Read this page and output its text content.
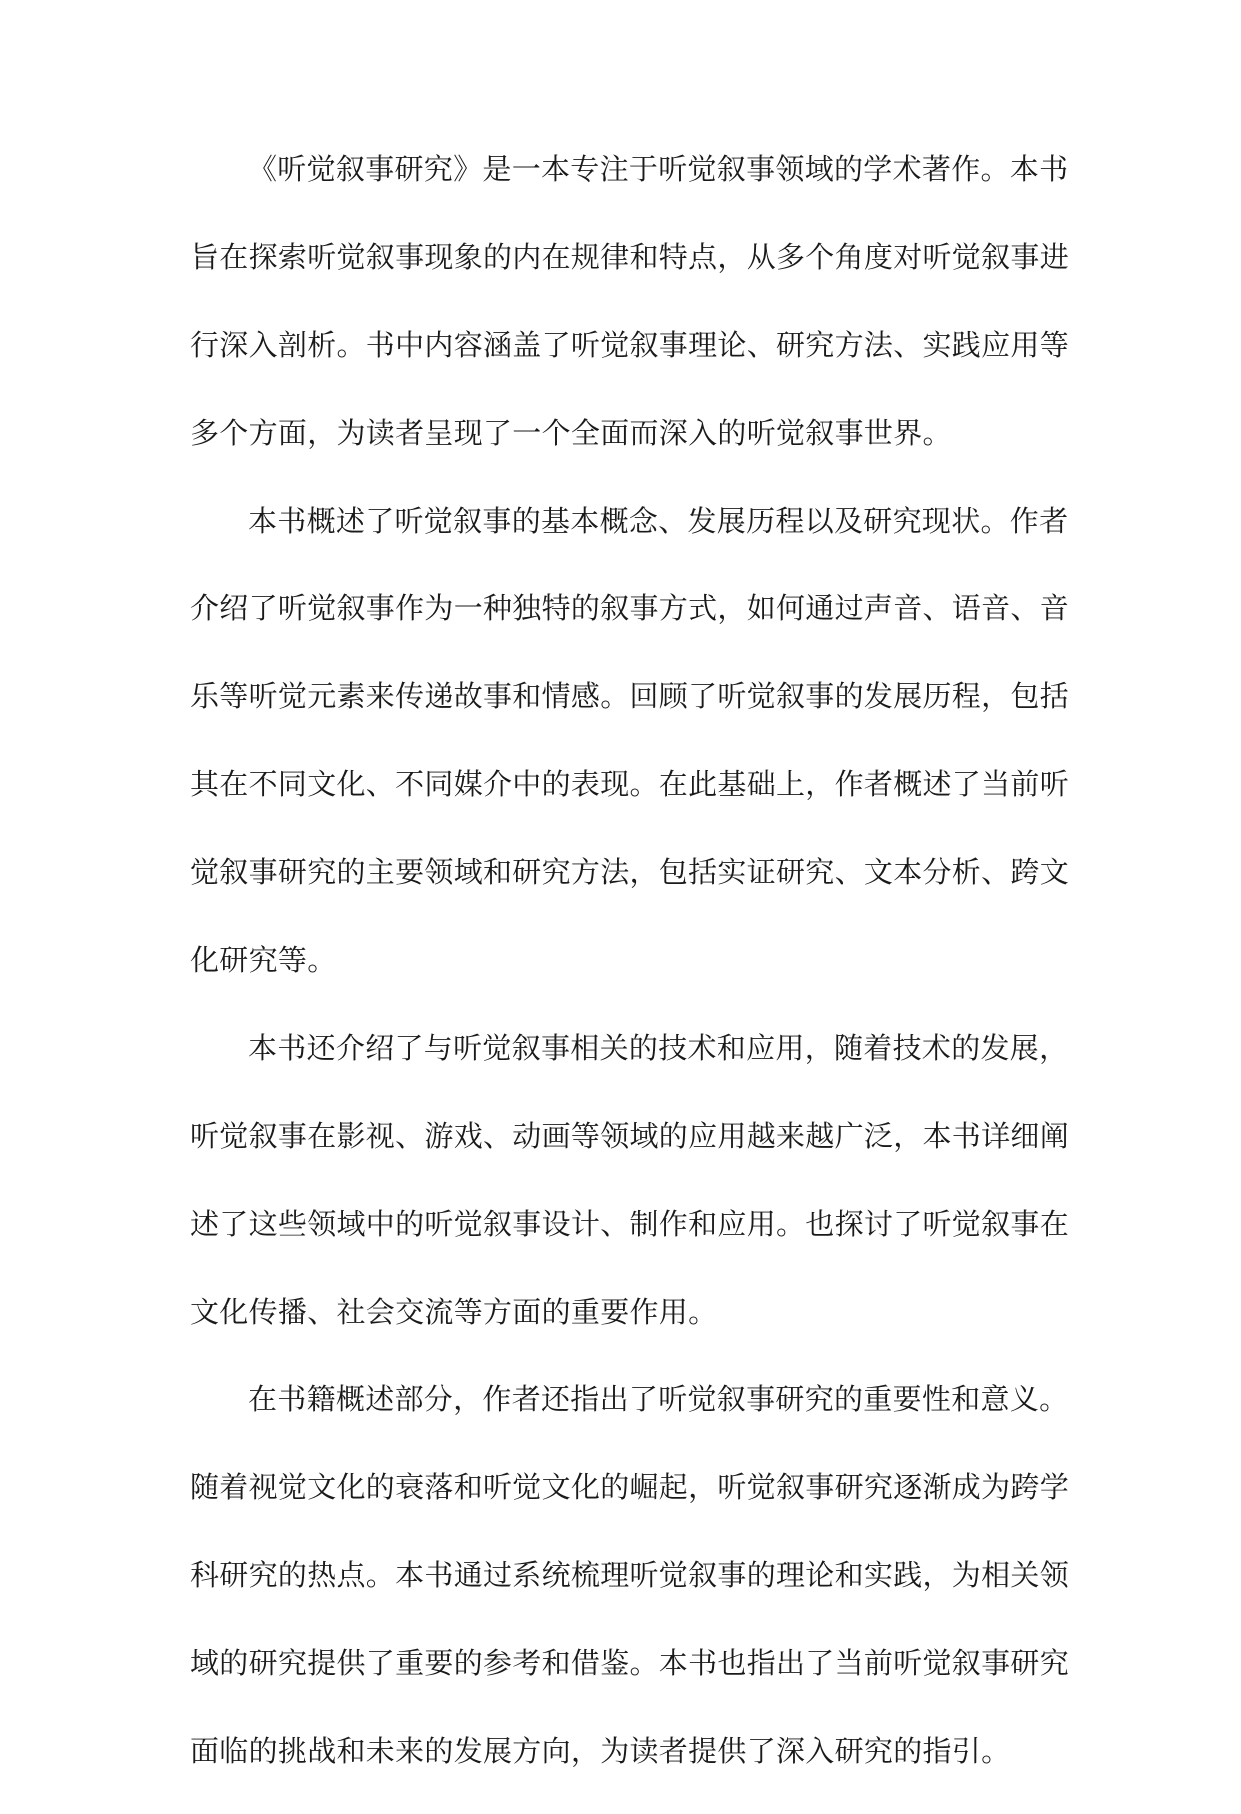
《听觉叙事研究》是一本专注于听觉叙事领域的学术著作。本书
旨在探索听觉叙事现象的内在规律和特点，从多个角度对听觉叙事进
行深入剖析。书中内容涵盖了听觉叙事理论、研究方法、实践应用等
多个方面，为读者呈现了一个全面而深入的听觉叙事世界。
本书概述了听觉叙事的基本概念、发展历程以及研究现状。作者
介绍了听觉叙事作为一种独特的叙事方式，如何通过声音、语音、音
乐等听觉元素来传递故事和情感。回顾了听觉叙事的发展历程，包括
其在不同文化、不同媒介中的表现。在此基础上，作者概述了当前听
觉叙事研究的主要领域和研究方法，包括实证研究、文本分析、跨文
化研究等。
本书还介绍了与听觉叙事相关的技术和应用，随着技术的发展，
听觉叙事在影视、游戏、动画等领域的应用越来越广泛，本书详细阐
述了这些领域中的听觉叙事设计、制作和应用。也探讨了听觉叙事在
文化传播、社会交流等方面的重要作用。
在书籍概述部分，作者还指出了听觉叙事研究的重要性和意义。
随着视觉文化的衰落和听觉文化的崛起，听觉叙事研究逐渐成为跨学
科研究的热点。本书通过系统梳理听觉叙事的理论和实践，为相关领
域的研究提供了重要的参考和借鉴。本书也指出了当前听觉叙事研究
面临的挑战和未来的发展方向，为读者提供了深入研究的指引。
